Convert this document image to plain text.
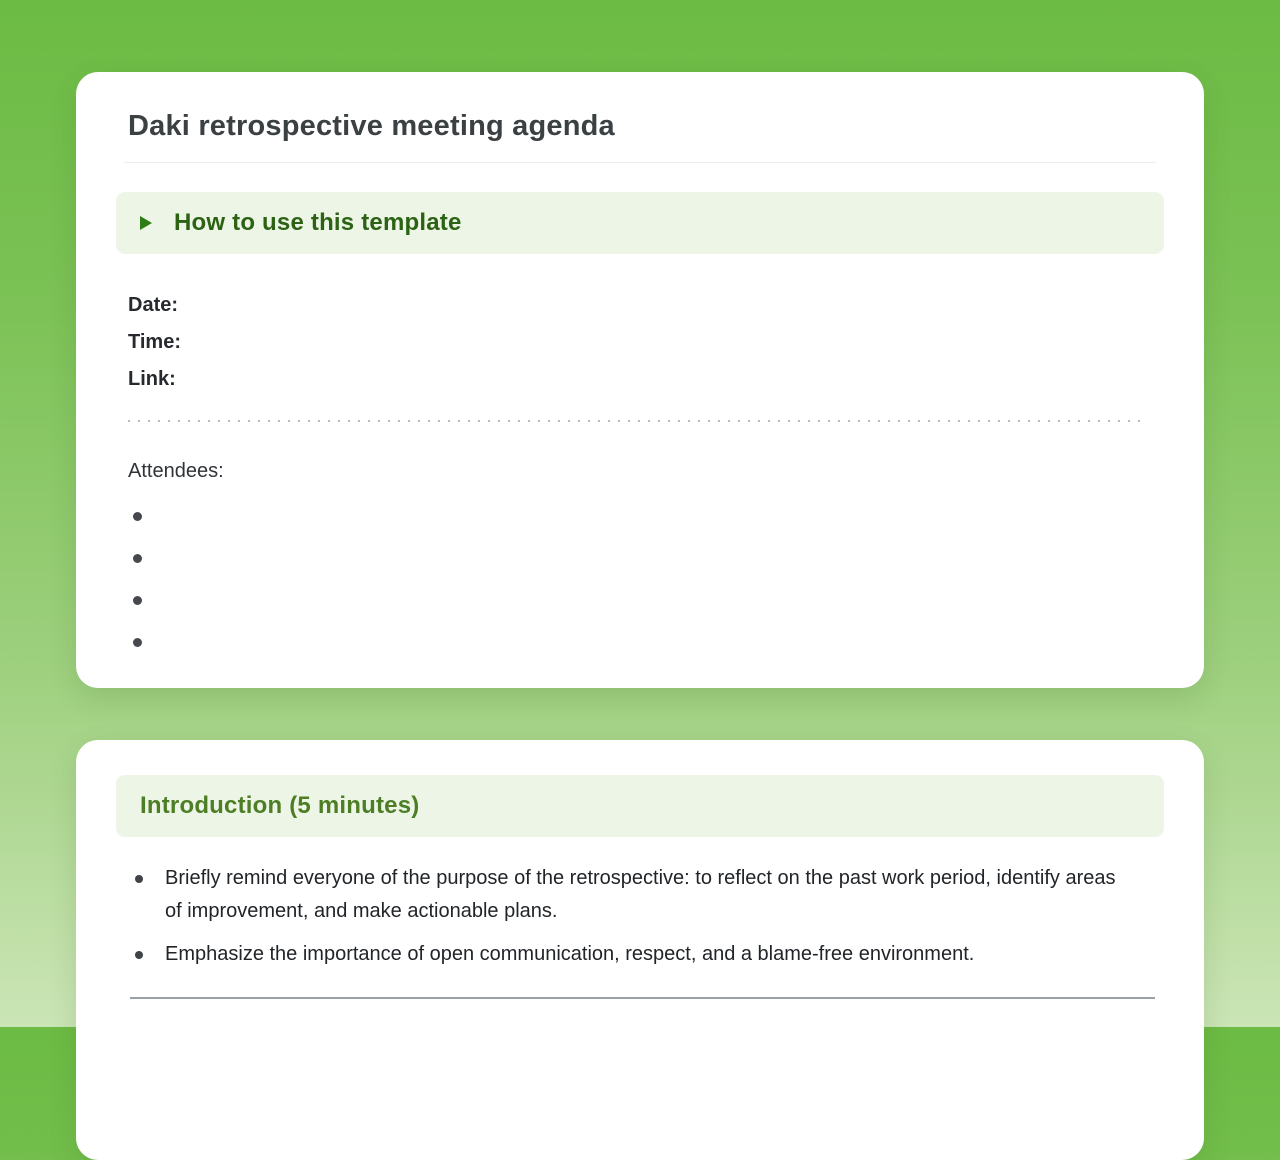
Daki retrospective meeting agenda
How to use this template
Date:
Time:
Link:
Attendees:
Introduction (5 minutes)
Briefly remind everyone of the purpose of the retrospective: to reflect on the past work period, identify areas of improvement, and make actionable plans.
Emphasize the importance of open communication, respect, and a blame-free environment.
